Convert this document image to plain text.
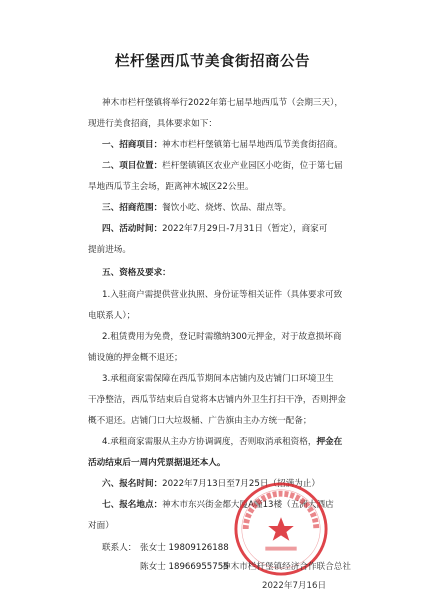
栏杆堡西瓜节美食街招商公告
神木市栏杆堡镇将举行2022年第七届旱地西瓜节（会期三天），
现进行美食招商，具体要求如下：
一、招商项目：神木市栏杆堡镇第七届旱地西瓜节美食街招商。
二、项目位置：栏杆堡镇镇区农业产业园区小吃街，位于第七届
旱地西瓜节主会场，距离神木城区22公里。
三、招商范围：餐饮小吃、烧烤、饮品、甜点等。
四、活动时间：2022年7月29日-7月31日（暂定），商家可
提前进场。
五、资格及要求：
1.入驻商户需提供营业执照、身份证等相关证件（具体要求可致
电联系人）；
2.租赁费用为免费，登记时需缴纳300元押金，对于故意损坏商
铺设施的押金概不退还；
3.承租商家需保障在西瓜节期间本店铺内及店铺门口环境卫生
干净整洁，西瓜节结束后自觉将本店铺内外卫生打扫干净，否则押金
概不退还。店铺门口大垃圾桶、广告旗由主办方统一配备；
4.承租商家需服从主办方协调调度，否则取消承租资格，押金在
活动结束后一周内凭票据退还本人。
六、报名时间：2022年7月13日至7月25日（招满为止）
七、报名地点：神木市东兴街金都大厦A幢13楼（五洲大酒店
对面）
联系人： 张女士 19809126188
陈女士 18966955755
神木市栏杆堡镇经济合作联合总社
2022年7月16日
